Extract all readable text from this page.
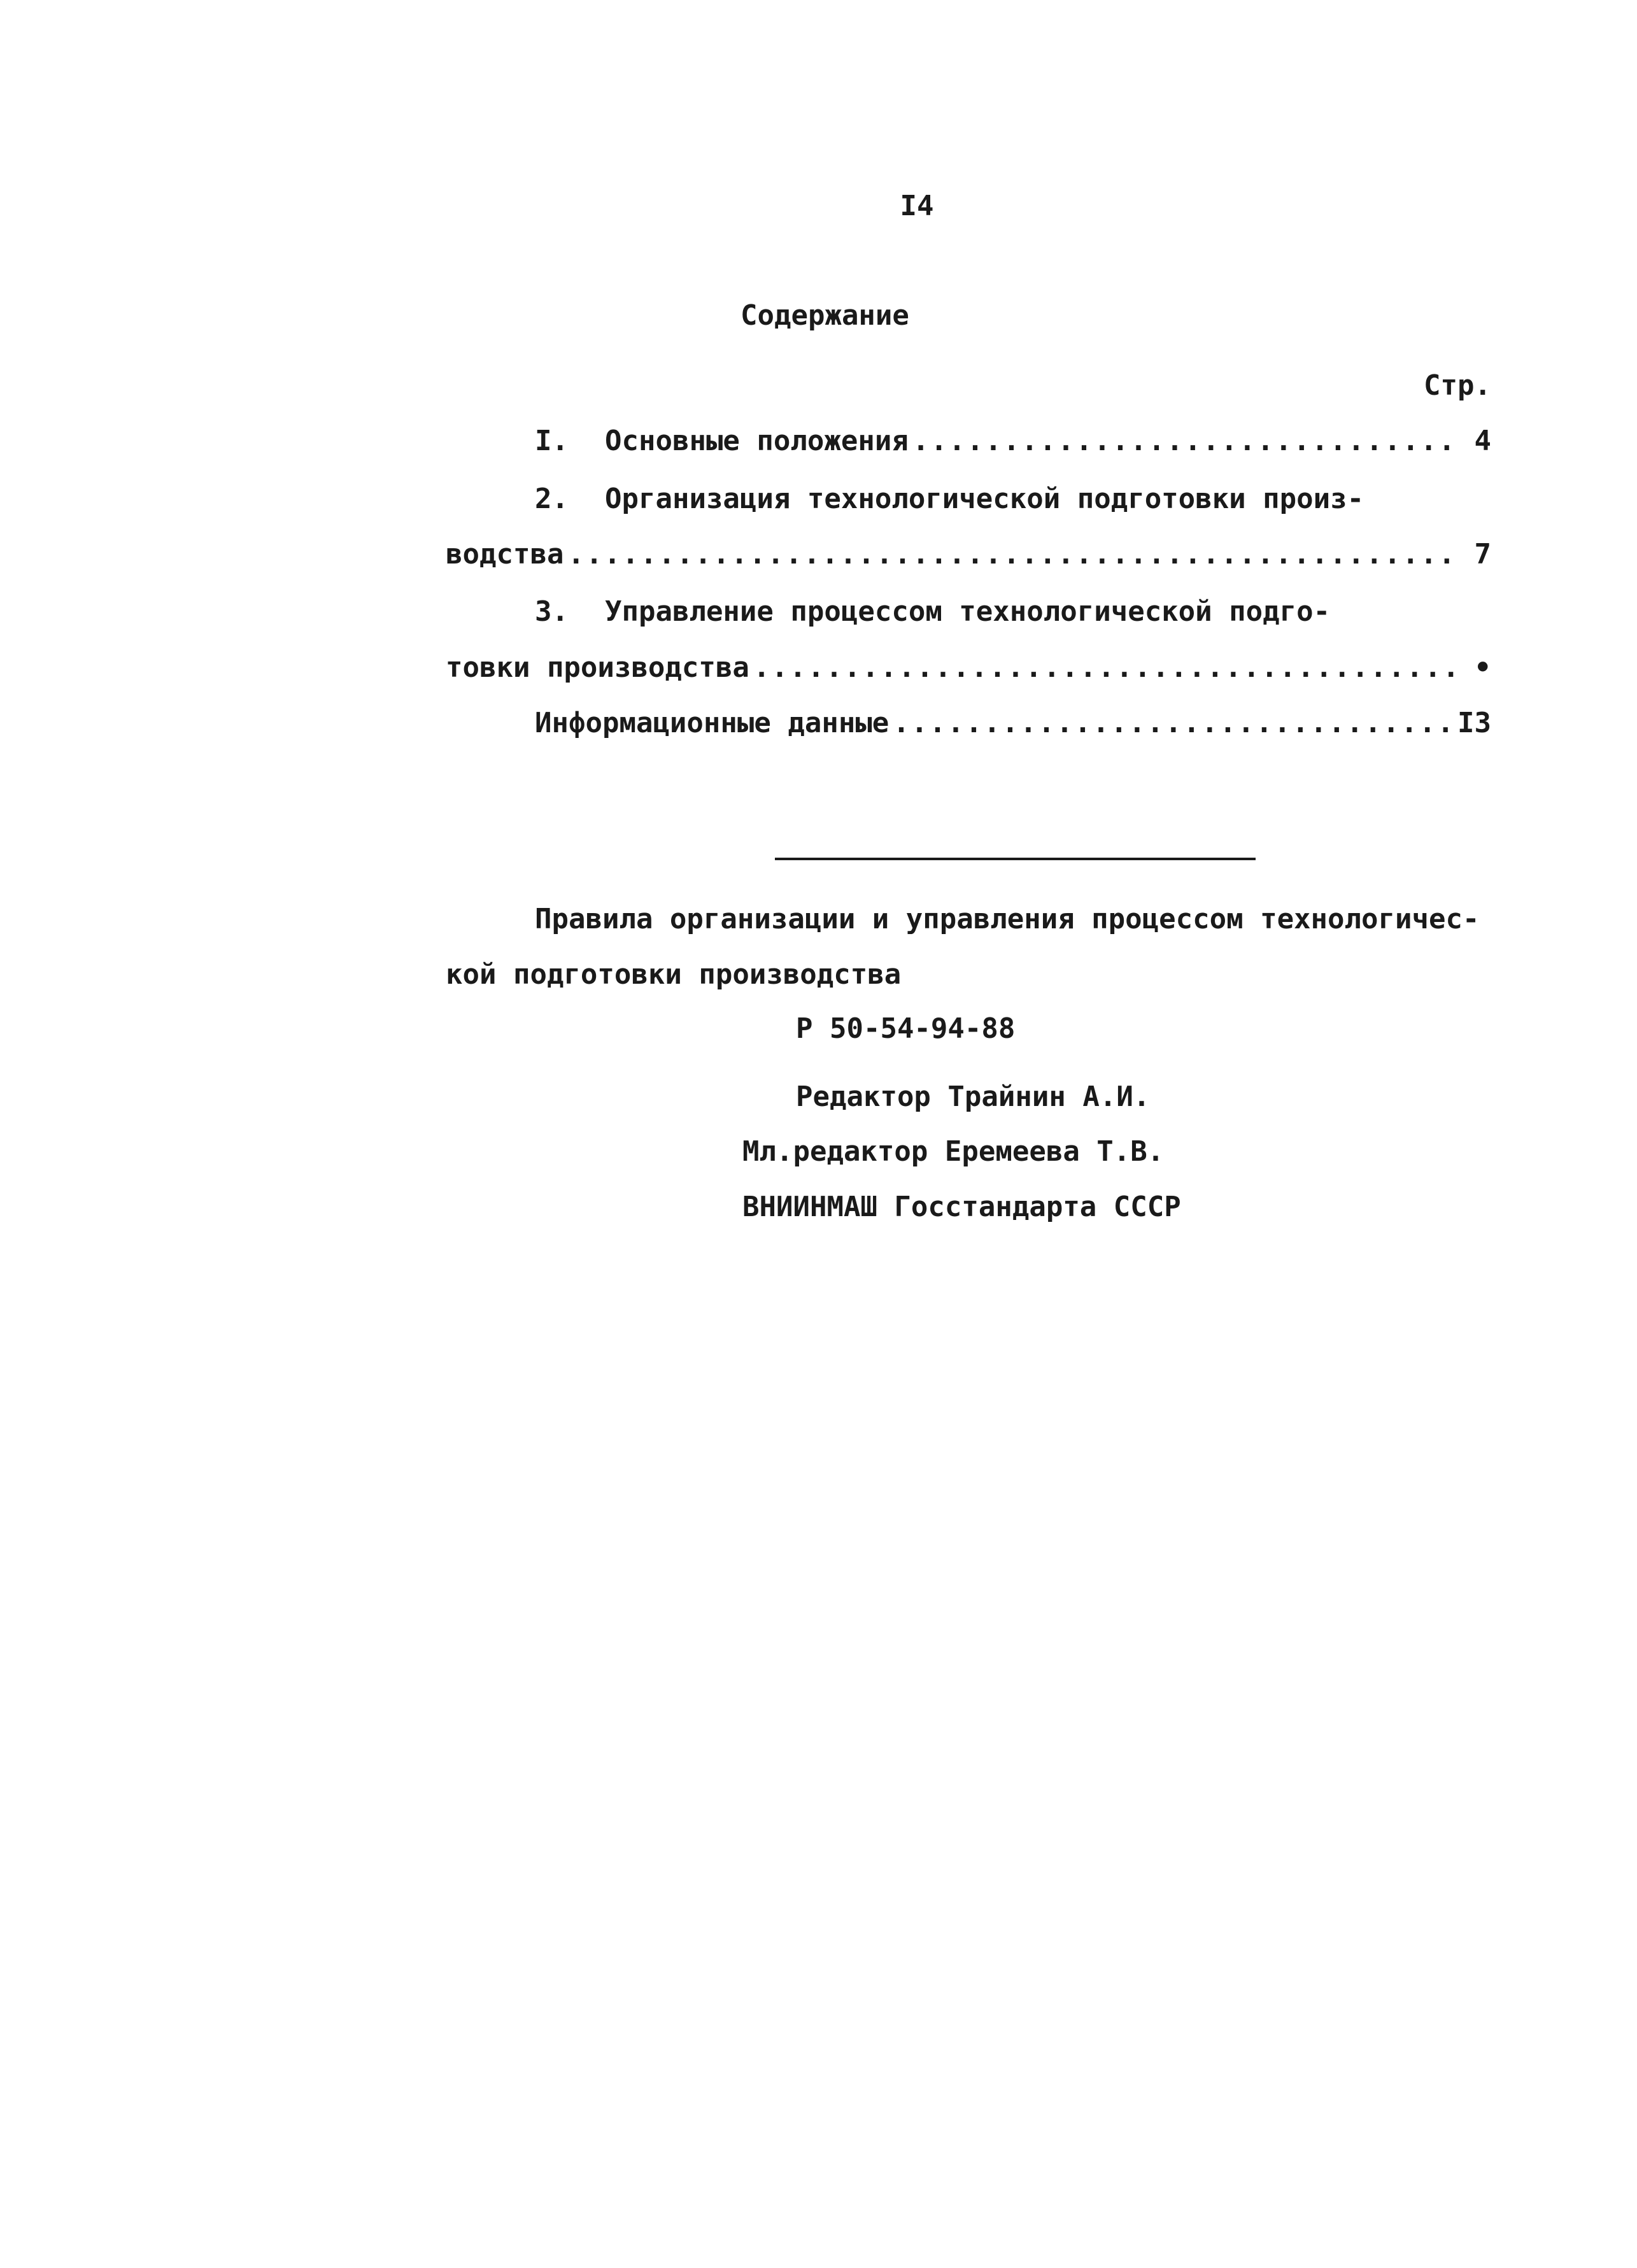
I4
Содержание
Стр.
I.	Основные положения .....	4
2.	Организация технологической подготовки произ-
водства .....	7
3.	Управление процессом технологической подго-
товки производства .....	•
Информационные данные .....	I3
Правила организации и управления процессом технологичес-
кой подготовки производства
Р 50-54-94-88
Редактор Трайнин А.И.
Мл.редактор Еремеева Т.В.
ВНИИНМАШ Госстандарта СССР
